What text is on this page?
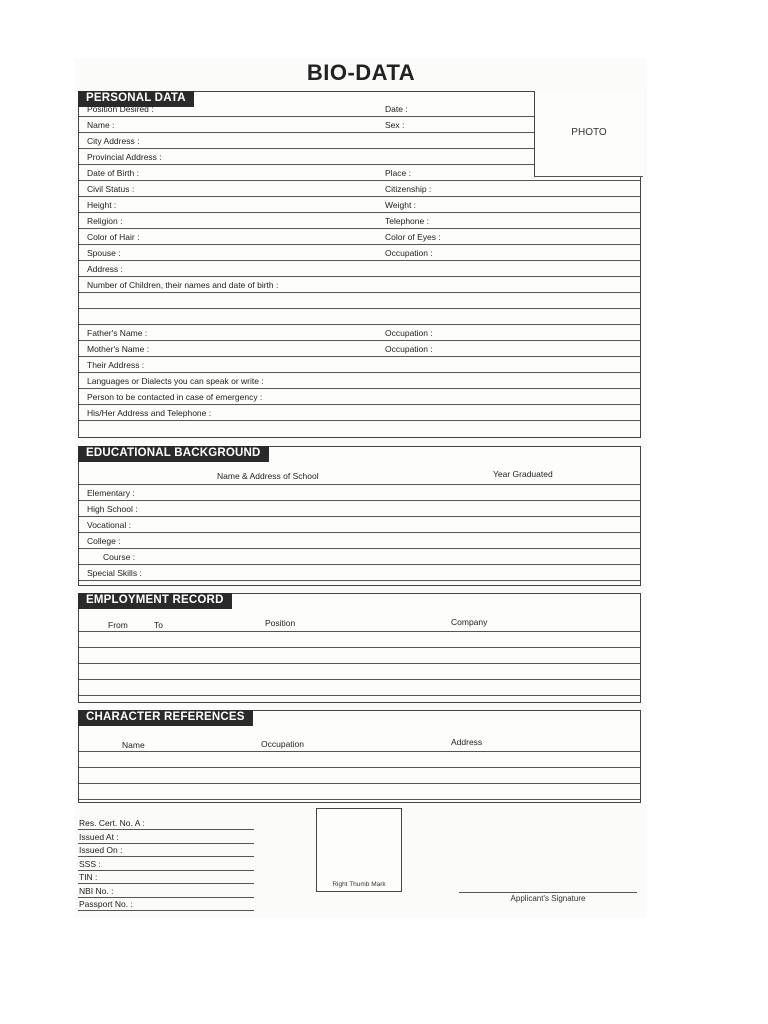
BIO-DATA
PERSONAL DATA
Position Desired :	Date :
Name :	Sex :
City Address :
Provincial Address :
Date of Birth :	Place :
Civil Status :	Citizenship :
Height :	Weight :
Religion :	Telephone :
Color of Hair :	Color of Eyes :
Spouse :	Occupation :
Address :
Number of Children, their names and date of birth :
Father's Name :	Occupation :
Mother's Name :	Occupation :
Their Address :
Languages or Dialects you can speak or write :
Person to be contacted in case of emergency :
His/Her Address and Telephone :
PHOTO
EDUCATIONAL BACKGROUND
Name & Address of School	Year Graduated
Elementary :
High School :
Vocational :
College :
Course :
Special Skills :
EMPLOYMENT RECORD
From	To	Position	Company
CHARACTER REFERENCES
Name	Occupation	Address
Res. Cert. No. A :
Issued At :
Issued On :
SSS :
TIN :
NBI No. :
Passport No. :
Right Thumb Mark
Applicant's Signature
